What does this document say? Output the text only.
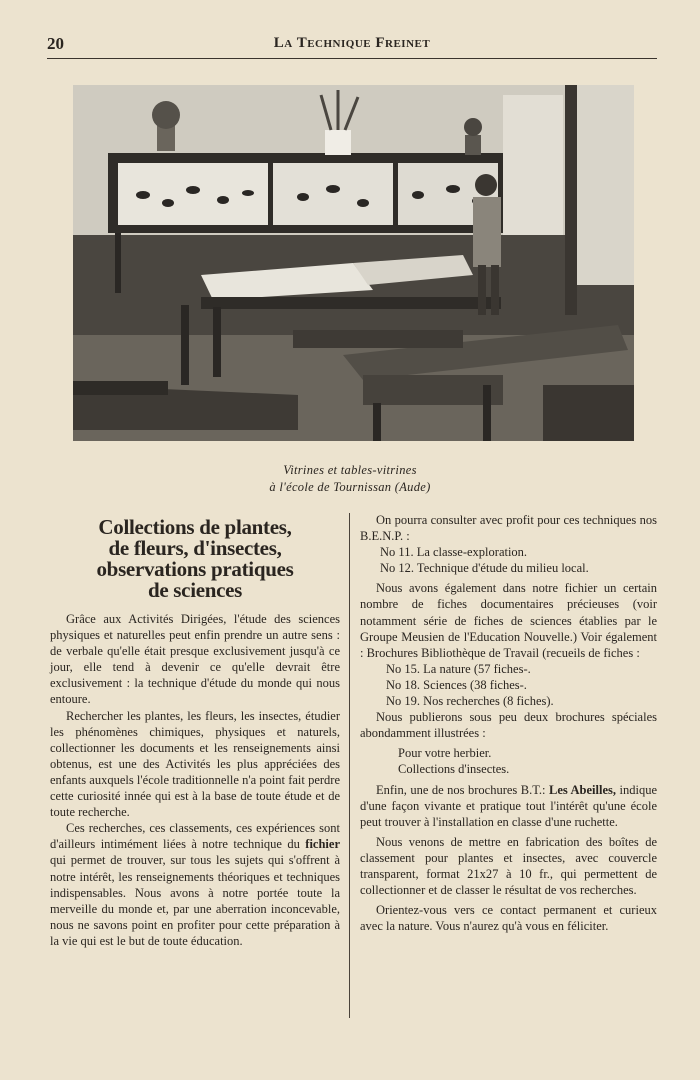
20	La Technique Freinet
Vitrines et tables-vitrines
à l'école de Tournissan (Aude)
Collections de plantes,
de fleurs, d'insectes,
observations pratiques
de sciences

Grâce aux Activités Dirigées, l'étude des sciences physiques et naturelles peut enfin prendre un autre sens : de verbale qu'elle était presque exclusivement jusqu'à ce jour, elle tend à devenir ce qu'elle devrait être exclusivement : la technique d'étude du monde qui nous entoure.

Rechercher les plantes, les fleurs, les insectes, étudier les phénomènes chimiques, physiques et naturels, collectionner les documents et les renseignements ainsi obtenus, est une des Activités les plus appréciées des enfants auxquels l'école traditionnelle n'a point fait perdre cette curiosité innée qui est à la base de toute étude et de toute recherche.

Ces recherches, ces classements, ces expériences sont d'ailleurs intimément liées à notre technique du fichier qui permet de trouver, sur tous les sujets qui s'offrent à notre intérêt, les renseignements théoriques et techniques indispensables. Nous avons à notre portée toute la merveille du monde et, par une aberration inconcevable, nous ne savons point en profiter pour cette préparation à la vie qui est le but de toute éducation.

On pourra consulter avec profit pour ces techniques nos B.E.N.P. :

No 11. La classe-exploration.

No 12. Technique d'étude du milieu local.

Nous avons également dans notre fichier un certain nombre de fiches documentaires précieuses (voir notamment série de fiches de sciences établies par le Groupe Meusien de l'Education Nouvelle.) Voir également : Brochures Bibliothèque de Travail (recueils de fiches :

No 15. La nature (57 fiches-.

No 18. Sciences (38 fiches-.

No 19. Nos recherches (8 fiches).

Nous publierons sous peu deux brochures spéciales abondamment illustrées :

Pour votre herbier.

Collections d'insectes.

Enfin, une de nos brochures B.T.: Les Abeilles, indique d'une façon vivante et pratique tout l'intérêt qu'une école peut trouver à l'installation en classe d'une ruchette.

Nous venons de mettre en fabrication des boîtes de classement pour plantes et insectes, avec couvercle transparent, format 21x27 à 10 fr., qui permettent de collectionner et de classer le résultat de vos recherches.

Orientez-vous vers ce contact permanent et curieux avec la nature. Vous n'aurez qu'à vous en féliciter.
